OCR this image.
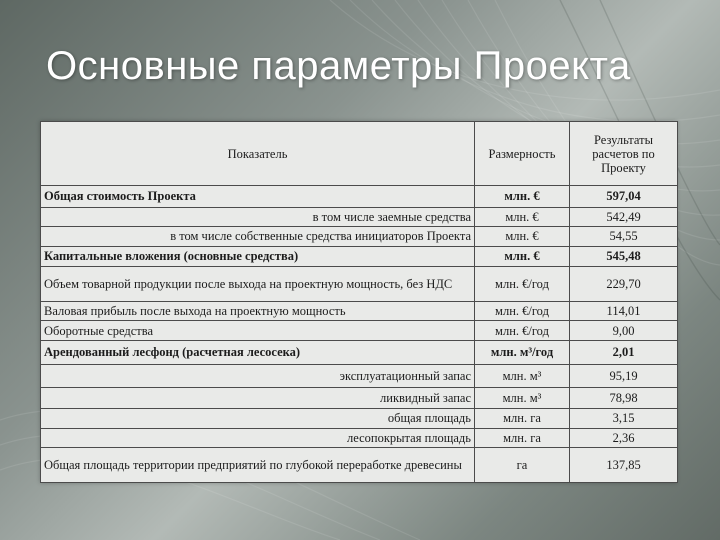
Основные параметры Проекта
Показатель	Размерность	Результаты
расчетов по
Проекту

Общая стоимость Проекта	млн. €	597,04
в том числе заемные средства	млн. €	542,49
в том числе собственные средства инициаторов Проекта	млн. €	54,55
Капитальные вложения (основные средства)	млн. €	545,48
Объем товарной продукции после выхода на проектную мощность, без НДС	млн. €/год	229,70
Валовая прибыль после выхода на проектную мощность	млн. €/год	114,01
Оборотные средства	млн. €/год	9,00
Арендованный лесфонд (расчетная лесосека)	млн. м³/год	2,01
эксплуатационный запас	млн. м³	95,19
ликвидный запас	млн. м³	78,98
общая площадь	млн. га	3,15
лесопокрытая площадь	млн. га	2,36
Общая площадь территории предприятий по глубокой переработке древесины	га	137,85
